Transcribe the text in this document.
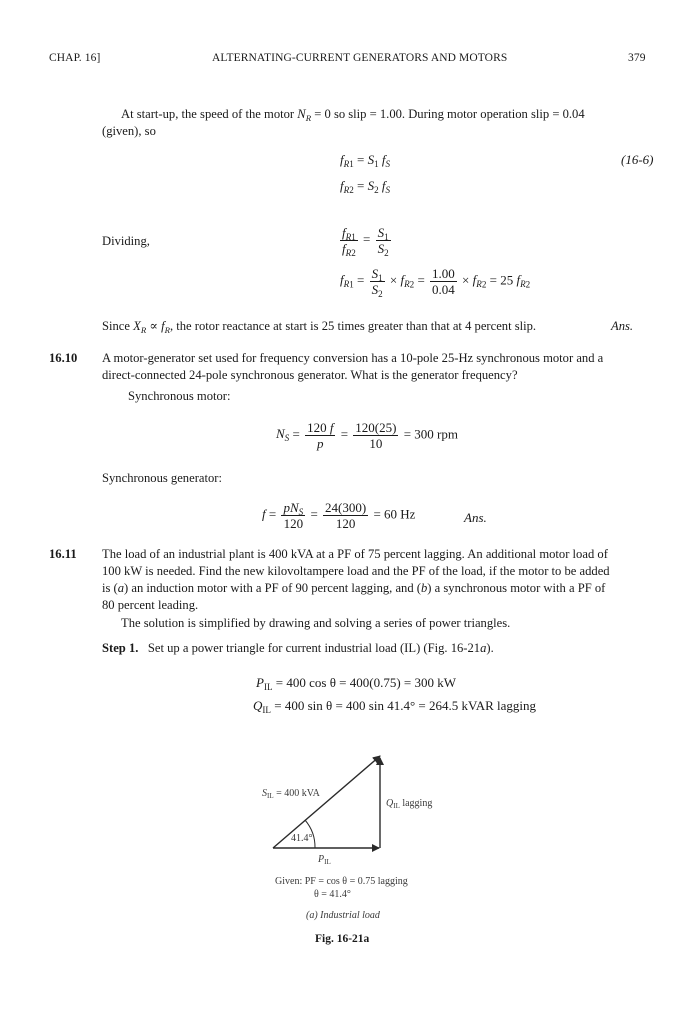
CHAP. 16]	ALTERNATING-CURRENT GENERATORS AND MOTORS	379
At start-up, the speed of the motor $N_R = 0$ so slip = 1.00. During motor operation slip = 0.04
(given), so
$f_{R1} = S_1$ $f_S$	(16-6)
$f_{R2} = S_2$ $f_S$
Dividing,	$\frac{f_{R1}}{f_{R2}} = \frac{S_1}{S_2}$
$f_{R1} = \frac{S_1}{S_2} \times f_{R2} = \frac{1.00}{0.04} \times f_{R2} = 25$ $f_{R2}$
Since $X_R \propto f_R$, the rotor reactance at start is 25 times greater than that at 4 percent slip.	Ans.
16.10 A motor-generator set used for frequency conversion has a 10-pole 25-Hz synchronous motor and a
direct-connected 24-pole synchronous generator. What is the generator frequency?
Synchronous motor:
$N_S = \frac{120 f}{p} = \frac{120(25)}{10} = 300$ rpm
Synchronous generator:
$f = \frac{pN_S}{120} = \frac{24(300)}{120} = 60$ Hz	Ans.
16.11 The load of an industrial plant is 400 kVA at a PF of 75 percent lagging. An additional motor load of
100 kW is needed. Find the new kilovoltampere load and the PF of the load, if the motor to be added
is (a) an induction motor with a PF of 90 percent lagging, and (b) a synchronous motor with a PF of
80 percent leading.
The solution is simplified by drawing and solving a series of power triangles.
Step 1. Set up a power triangle for current industrial load (IL) (Fig. 16-21a).
$P_{IL} = 400$ cos θ = 400(0.75) = 300 kW
$Q_{IL} = 400$ sin θ = 400 sin 41.4° = 264.5 kVAR lagging
$S_{IL} = 400$ kVA
$Q_{IL}$ lagging
41.4°
$P_{IL}$
Given: PF = cos θ = 0.75 lagging
θ = 41.4°
(a) Industrial load
Fig. 16-21a
